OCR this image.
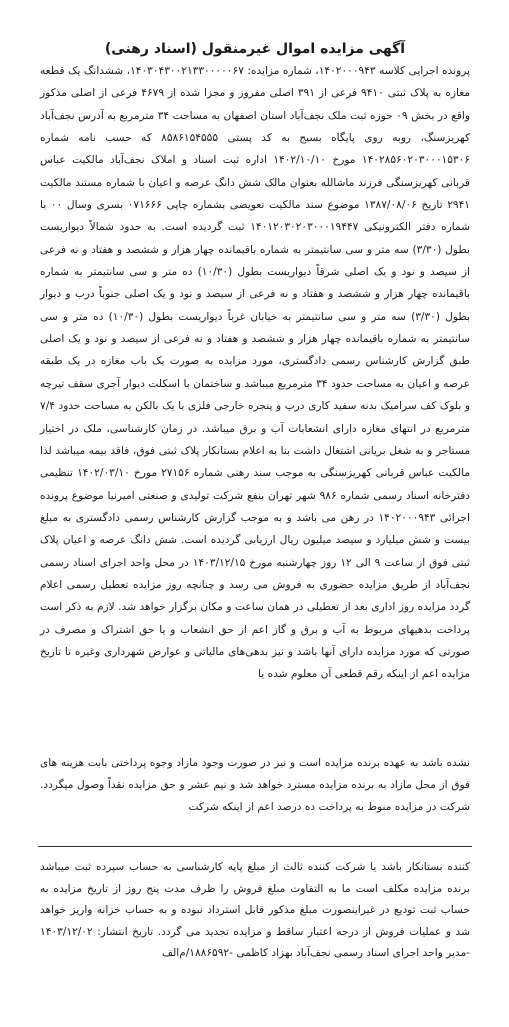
آگهی مزایده اموال غیرمنقول (اسناد رهنی)

پرونده اجرایی کلاسه ۱۴۰۲۰۰۰۹۴۳، شماره مزایده: ۱۴۰۳۰۴۳۰۰۲۱۳۳۰۰۰۰۰۶۷، ششدانگ یک قطعه مغازه به پلاک ثبتی ۹۴۱۰ فرعی از ۳۹۱ اصلی مفروز و مجزا شده از ۴۶۷۹ فرعی از اصلی مذکور واقع در بخش ۰۹ حوزه ثبت ملک نجف‌آباد استان اصفهان به مساحت ۳۴ مترمربع به آدرس نجف‌آباد کهریزسنگ، روبه روی پایگاه بسیج به کد پستی ۸۵۸۶۱۵۴۵۵۵ که حسب نامه شماره ۱۴۰۲۸۵۶۰۲۰۳۰۰۰۱۵۳۰۶ مورخ ۱۴۰۲/۱۰/۱۰ اداره ثبت اسناد و املاک نجف‌آباد مالکیت عباس قربانی کهریزسنگی فرزند ماشالله بعنوان مالک شش دانگ عرصه و اعیان با شماره مستند مالکیت ۲۹۴۱ تاریخ ۱۳۸۷/۰۸/۰۶ موضوع سند مالکیت تعویضی بشماره چاپی ۰۷۱۶۶۶ بسری وسال ۰۰ با شماره دفتر الکترونیکی ۱۴۰۱۲۰۳۰۲۰۳۰۰۰۱۹۴۴۷ ثبت گردیده است. به حدود شمالاً دیواریست بطول (۳/۳۰) سه متر و سی سانتیمتر به شماره باقیمانده چهار هزار و ششصد و هفتاد و نه فرعی از سیصد و نود و یک اصلی شرقاً دیواریست بطول (۱۰/۳۰) ده متر و سی سانتیمتر به شماره باقیمانده چهار هزار و ششصد و هفتاد و نه فرعی از سیصد و نود و یک اصلی جنوباً درب و دیوار بطول (۳/۳۰) سه متر و سی سانتیمتر به خیابان غرباً دیواریست بطول (۱۰/۳۰) ده متر و سی سانتیمتر به شماره باقیمانده چهار هزار و ششصد و هفتاد و نه فرعی از سیصد و نود و یک اصلی طبق گزارش کارشناس رسمی دادگستری، مورد مزایده به صورت یک باب مغازه در یک طبقه عرصه و اعیان به مساحت حدود ۳۴ مترمربع میباشد و ساختمان با اسکلت دیوار آجری سقف تیرچه و بلوک کف سرامیک بدنه سفید کاری درب و پنجره خارجی فلزی با یک بالکن به مساحت حدود ۷/۴ مترمربع در انتهای مغازه دارای انشعابات آب و برق میباشد. در زمان کارشناسی، ملک در اختیار مستاجر و به شغل بریانی اشتغال داشت بنا به اعلام بستانکار پلاک ثبتی فوق، فاقد بیمه میباشد لذا مالکیت عباس قربانی کهریزسنگی به موجب سند رهنی شماره ۲۷۱۵۶ مورخ ۱۴۰۲/۰۳/۱۰ تنظیمی دفترخانه اسناد رسمی شماره ۹۸۶ شهر تهران بنفع شرکت تولیدی و صنعتی امیرنیا موضوع پرونده اجرائی ۱۴۰۲۰۰۰۹۴۳ در رهن می باشد و به موجب گزارش کارشناس رسمی دادگستری به مبلغ بیست و شش میلیارد و سیصد میلیون ریال ارزیابی گردیده است. شش دانگ عرصه و اعیان پلاک ثبتی فوق از ساعت ۹ الی ۱۲ روز چهارشنبه مورخ ۱۴۰۳/۱۲/۱۵ در محل واحد اجرای اسناد رسمی نجف‌آباد از طریق مزایده حضوری به فروش می رسد و چنانچه روز مزایده تعطیل رسمی اعلام گردد مزایده روز اداری بعد از تعطیلی در همان ساعت و مکان برگزار خواهد شد. لازم به ذکر است پرداخت بدهیهای مربوط به آب و برق و گاز اعم از حق انشعاب و یا حق اشتراک و مصرف در صورتی که مورد مزایده دارای آنها باشد و نیز بدهی‌های مالیاتی و عوارض شهرداری وغیره تا تاریخ مزایده اعم از اینکه رقم قطعی آن معلوم شده یا

نشده باشد به عهده برنده مزایده است و نیز در صورت وجود مازاد وجوه پرداختی بابت هزینه های فوق از محل مازاد به برنده مزایده مسترد خواهد شد و نیم عشر و حق مزایده نقداً وصول میگردد. شرکت در مزایده منوط به پرداخت ده درصد اعم از اینکه شرکت

کننده بستانکار باشد یا شرکت کننده ثالث از مبلغ پایه کارشناسی به حساب سپرده ثبت میباشد برنده مزایده مکلف است ما به التفاوت مبلغ فروش را ظرف مدت پنج روز از تاریخ مزایده به حساب ثبت تودیع در غیراینصورت مبلغ مذکور قابل استرداد نبوده و به حساب خزانه واریز خواهد شد و عملیات فروش از درجه اعتبار ساقط و مزایده تجدید می گردد. تاریخ انتشار: ۱۴۰۳/۱۲/۰۲ -مدیر واحد اجرای اسناد رسمی نجف‌آباد بهزاد کاظمی -۱۸۸۶۵۹۲/م‌الف
